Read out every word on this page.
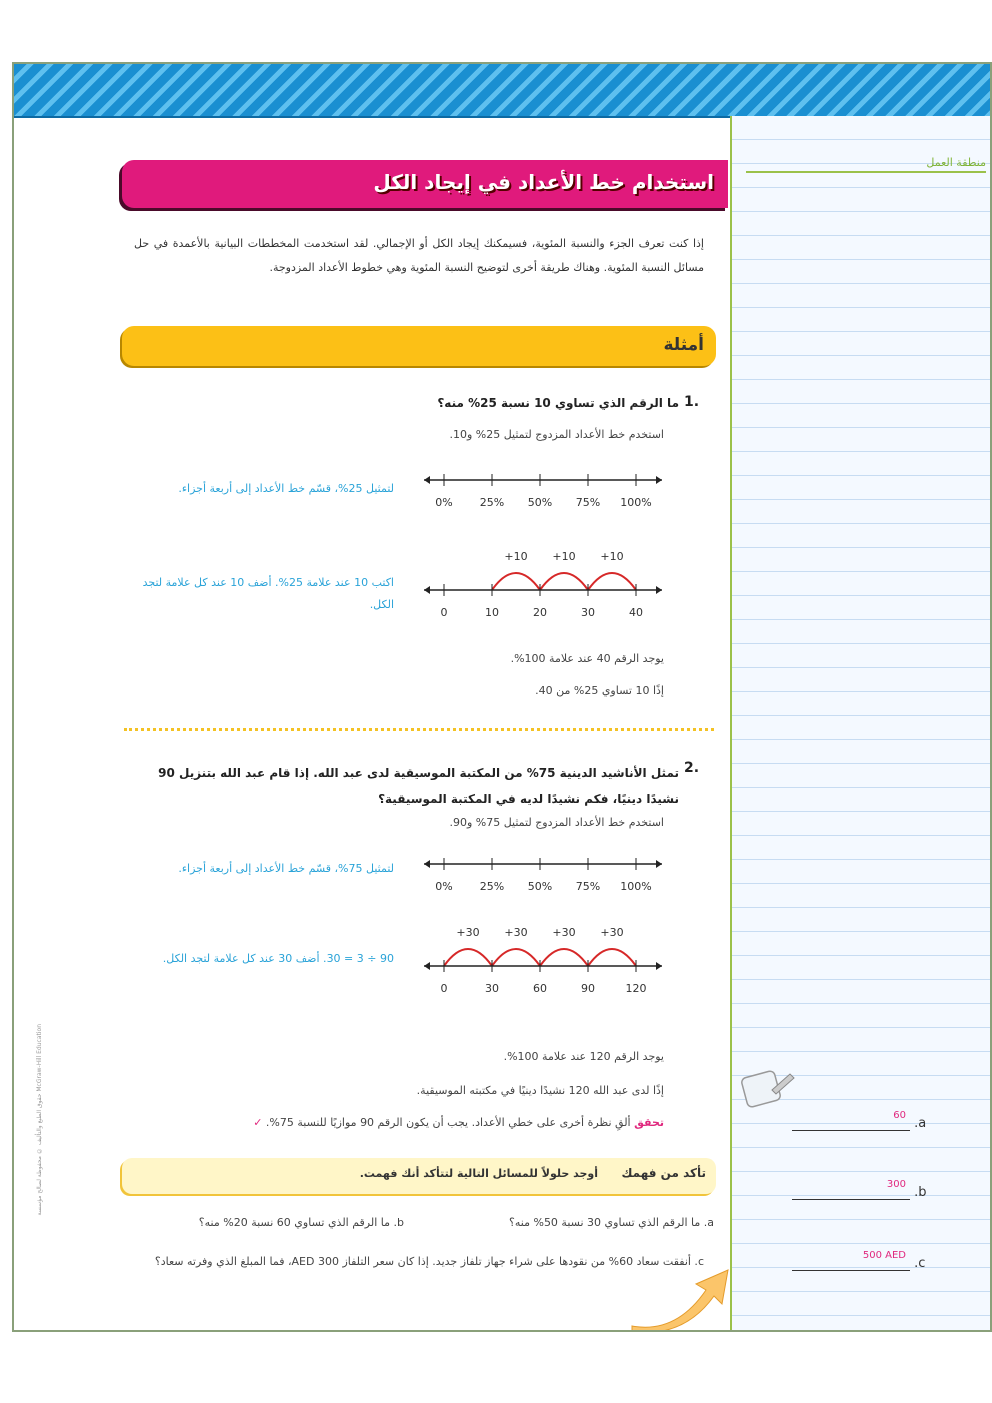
منطقة العمل
60
.a
300
.b
500 AED
.c
استخدام خط الأعداد في إيجاد الكل
إذا كنت تعرف الجزء والنسبة المئوية، فسيمكنك إيجاد الكل أو الإجمالي. لقد استخدمت المخططات البيانية بالأعمدة في حل مسائل النسبة المئوية. وهناك طريقة أخرى لتوضيح النسبة المئوية وهي خطوط الأعداد المزدوجة.
أمثلة
1.
ما الرقم الذي تساوي 10 نسبة 25% منه؟
استخدم خط الأعداد المزدوج لتمثيل 25% و10.
لتمثيل 25%، قسّم خط الأعداد إلى أربعة أجزاء.
اكتب 10 عند علامة 25%. أضف 10 عند كل علامة لتجد الكل.
0% 25% 50% 75% 100%
+10 +10 +10
0	10	20	30	40
يوجد الرقم 40 عند علامة 100%.
إذًا 10 تساوي 25% من 40.
2.
تمثل الأناشيد الدينية 75% من المكتبة الموسيقية لدى عبد الله. إذا قام عبد الله بتنزيل 90 نشيدًا دينيًا، فكم نشيدًا لديه في المكتبة الموسيقية؟
استخدم خط الأعداد المزدوج لتمثيل 75% و90.
لتمثيل 75%، قسّم خط الأعداد إلى أربعة أجزاء.
90 ÷ 3 = 30. أضف 30 عند كل علامة لتجد الكل.
0% 25% 50% 75% 100%
+30 +30 +30 +30
0	30	60	90	120
يوجد الرقم 120 عند علامة 100%.
إذًا لدى عبد الله 120 نشيدًا دينيًا في مكتبته الموسيقية.
تحقق ألقِ نظرة أخرى على خطي الأعداد. يجب أن يكون الرقم 90 موازيًا للنسبة 75%. ✓
تأكد من فهمك
أوجد حلولاً للمسائل التالية لتتأكد أنك فهمت.
a. ما الرقم الذي تساوي 30 نسبة 50% منه؟
b. ما الرقم الذي تساوي 60 نسبة 20% منه؟
c. أنفقت سعاد 60% من نقودها على شراء جهاز تلفاز جديد. إذا كان سعر التلفاز 300 AED، فما المبلغ الذي وفرته سعاد؟
حقوق الطبع والتأليف © محفوظة لصالح مؤسسة McGraw-Hill Education
